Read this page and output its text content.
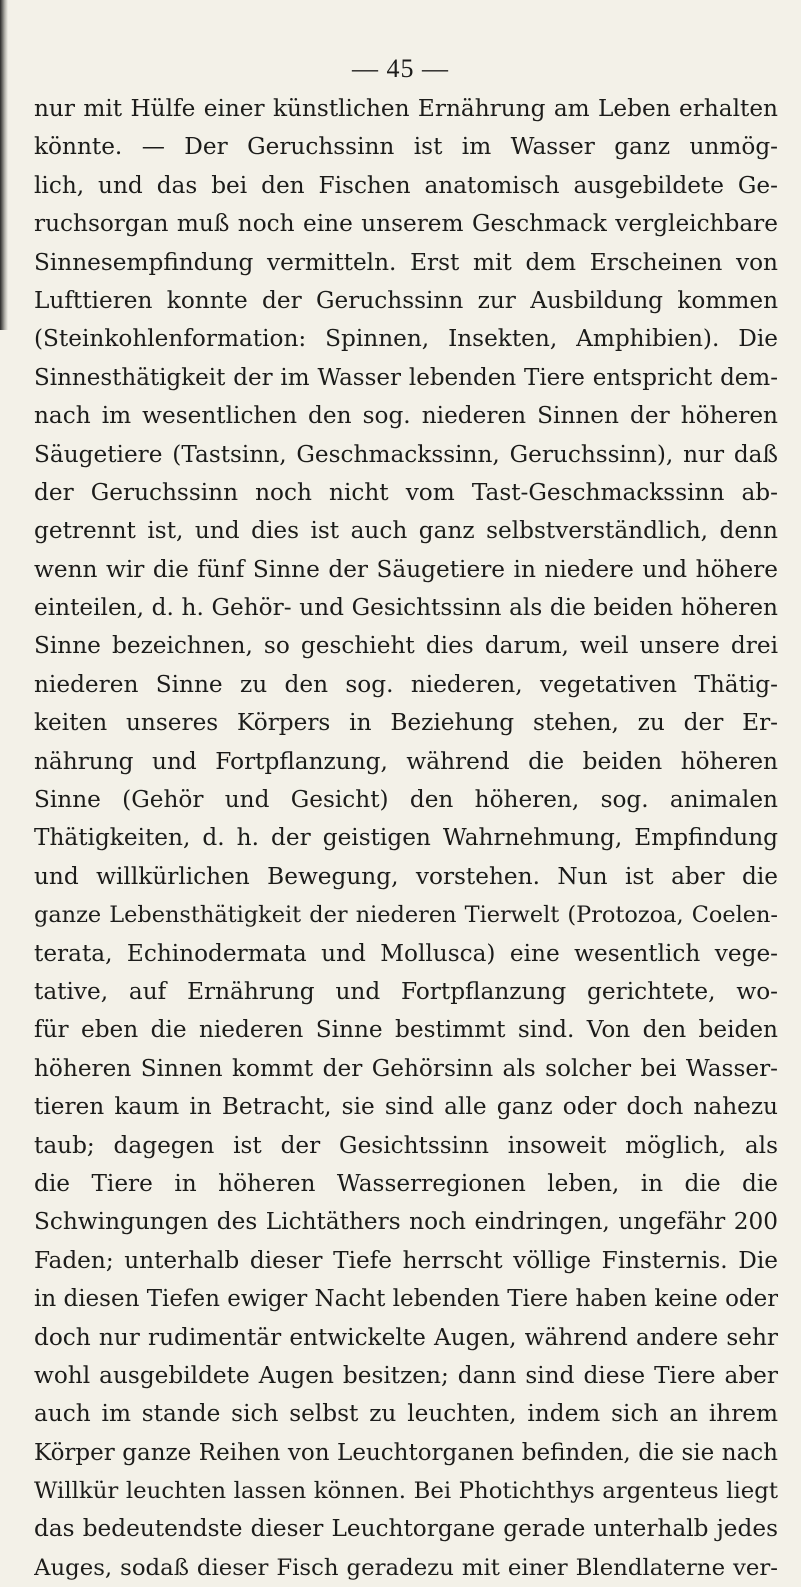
— 45 —
nur mit Hülfe einer künstlichen Ernährung am Leben erhalten
könnte. — Der Geruchssinn ist im Wasser ganz unmög-
lich, und das bei den Fischen anatomisch ausgebildete Ge-
ruchsorgan muß noch eine unserem Geschmack vergleichbare
Sinnesempfindung vermitteln. Erst mit dem Erscheinen von
Lufttieren konnte der Geruchssinn zur Ausbildung kommen
(Steinkohlenformation: Spinnen, Insekten, Amphibien). Die
Sinnesthätigkeit der im Wasser lebenden Tiere entspricht dem-
nach im wesentlichen den sog. niederen Sinnen der höheren
Säugetiere (Tastsinn, Geschmackssinn, Geruchssinn), nur daß
der Geruchssinn noch nicht vom Tast-Geschmackssinn ab-
getrennt ist, und dies ist auch ganz selbstverständlich, denn
wenn wir die fünf Sinne der Säugetiere in niedere und höhere
einteilen, d. h. Gehör- und Gesichtssinn als die beiden höheren
Sinne bezeichnen, so geschieht dies darum, weil unsere drei
niederen Sinne zu den sog. niederen, vegetativen Thätig-
keiten unseres Körpers in Beziehung stehen, zu der Er-
nährung und Fortpflanzung, während die beiden höheren
Sinne (Gehör und Gesicht) den höheren, sog. animalen
Thätigkeiten, d. h. der geistigen Wahrnehmung, Empfindung
und willkürlichen Bewegung, vorstehen. Nun ist aber die
ganze Lebensthätigkeit der niederen Tierwelt (Protozoa, Coelen-
terata, Echinodermata und Mollusca) eine wesentlich vege-
tative, auf Ernährung und Fortpflanzung gerichtete, wo-
für eben die niederen Sinne bestimmt sind. Von den beiden
höheren Sinnen kommt der Gehörsinn als solcher bei Wasser-
tieren kaum in Betracht, sie sind alle ganz oder doch nahezu
taub; dagegen ist der Gesichtssinn insoweit möglich, als
die Tiere in höheren Wasserregionen leben, in die die
Schwingungen des Lichtäthers noch eindringen, ungefähr 200
Faden; unterhalb dieser Tiefe herrscht völlige Finsternis. Die
in diesen Tiefen ewiger Nacht lebenden Tiere haben keine oder
doch nur rudimentär entwickelte Augen, während andere sehr
wohl ausgebildete Augen besitzen; dann sind diese Tiere aber
auch im stande sich selbst zu leuchten, indem sich an ihrem
Körper ganze Reihen von Leuchtorganen befinden, die sie nach
Willkür leuchten lassen können. Bei Photichthys argenteus liegt
das bedeutendste dieser Leuchtorgane gerade unterhalb jedes
Auges, sodaß dieser Fisch geradezu mit einer Blendlaterne ver-
